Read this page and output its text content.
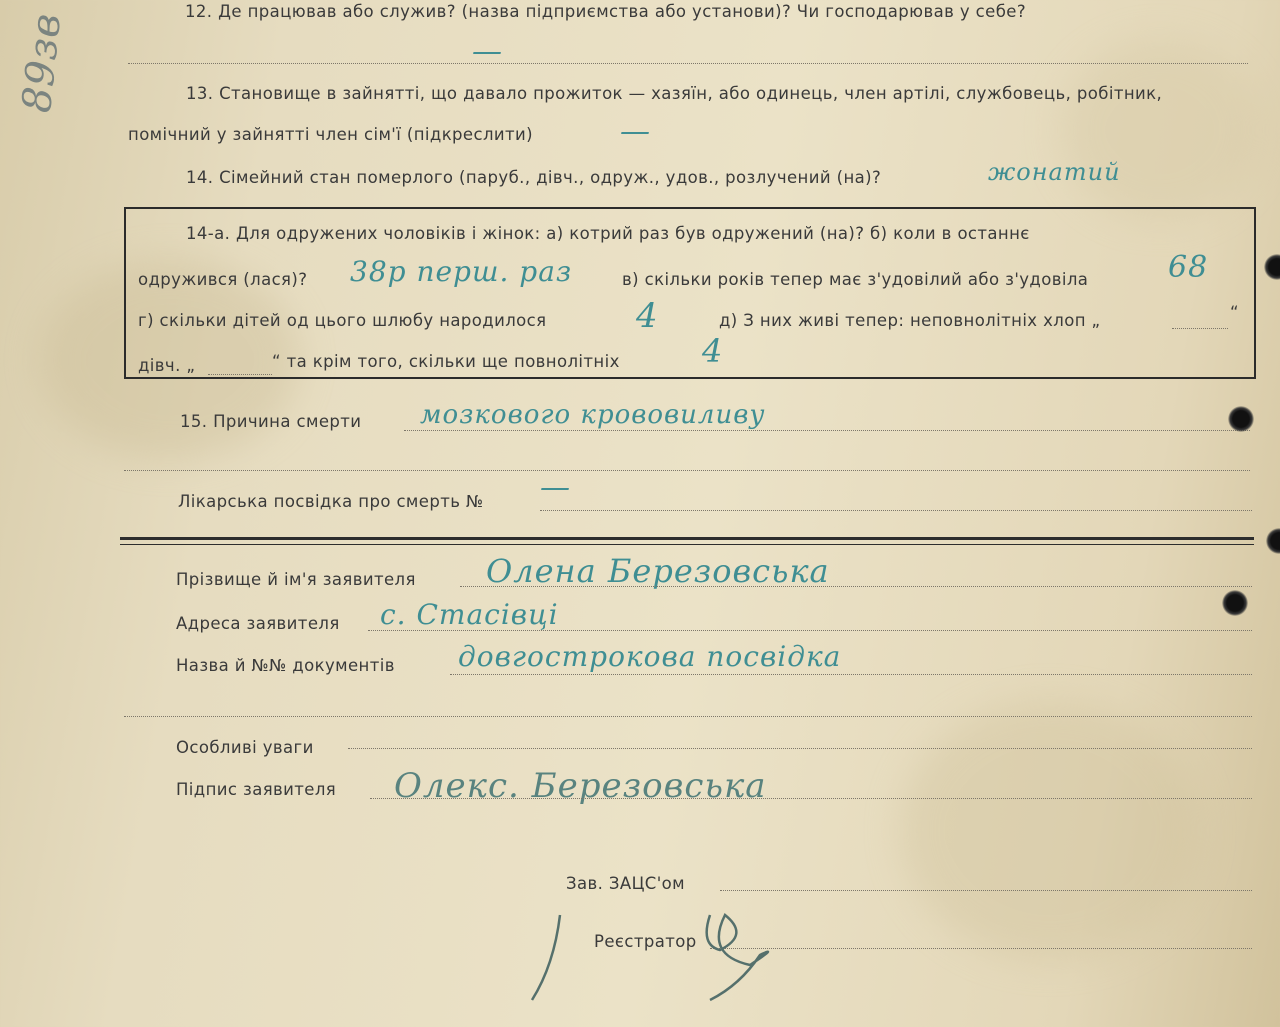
89зв	12. Де працював або служив? (назва підприємства або установи)? Чи господарював у себе?
—
13. Становище в зайнятті, що давало прожиток — хазяїн, або одинець, член артілі, службовець, робітник,
помічний у зайнятті член сім'ї (підкреслити)	—
14. Сімейний стан померлого (паруб., дівч., одруж., удов., розлучений (на)?	жонатий
14-а. Для одружених чоловіків і жінок: а) котрий раз був одружений (на)? б) коли в останнє
одружився (лася)? 38р перш. раз	в) скільки років тепер має з'удовілий або з'удовіла	68
г) скільки дітей од цього шлюбу народилося	4	д) З них живі тепер: неповнолітніх хлоп „	“
дівч. „	“ та крім того, скільки ще повнолітніх	4
15. Причина смерти мозкового крововиливу
Лікарська посвідка про смерть № —
Прізвище й ім'я заявителя Олена Березовська
Адреса заявителя с. Стасівці
Назва й №№ документів довгострокова посвідка
Особливі уваги
Підпис заявителя Олекс. Березовська
Зав. ЗАЦС'ом
Реєстратор
